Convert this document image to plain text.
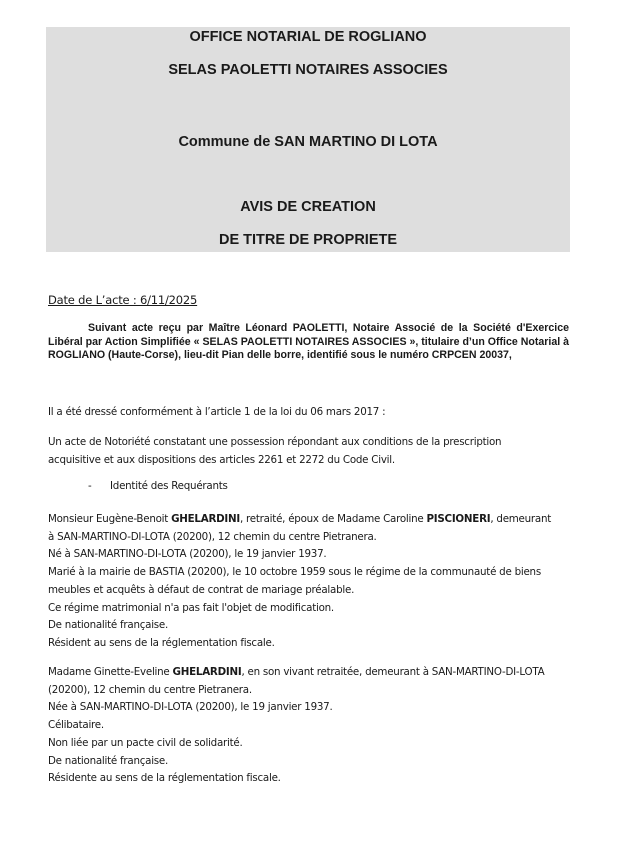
OFFICE NOTARIAL DE ROGLIANO
SELAS PAOLETTI NOTAIRES ASSOCIES
Commune de SAN MARTINO DI LOTA
AVIS DE CREATION
DE TITRE DE PROPRIETE
Date de L’acte : 6/11/2025
Suivant acte reçu par Maître Léonard PAOLETTI, Notaire Associé de la Société d'Exercice Libéral par Action Simplifiée « SELAS PAOLETTI NOTAIRES ASSOCIES », titulaire d’un Office Notarial à ROGLIANO (Haute-Corse), lieu-dit Pian delle borre, identifié sous le numéro CRPCEN 20037,
Il a été dressé conformément à l’article 1 de la loi du 06 mars 2017 :
Un acte de Notoriété constatant une possession répondant aux conditions de la prescription
acquisitive et aux dispositions des articles 2261 et 2272 du Code Civil.
- Identité des Requérants
Monsieur Eugène-Benoit GHELARDINI, retraité, époux de Madame Caroline PISCIONERI, demeurant
à SAN-MARTINO-DI-LOTA (20200), 12 chemin du centre Pietranera.
Né à SAN-MARTINO-DI-LOTA (20200), le 19 janvier 1937.
Marié à la mairie de BASTIA (20200), le 10 octobre 1959 sous le régime de la communauté de biens
meubles et acquêts à défaut de contrat de mariage préalable.
Ce régime matrimonial n'a pas fait l'objet de modification.
De nationalité française.
Résident au sens de la réglementation fiscale.
Madame Ginette-Eveline GHELARDINI, en son vivant retraitée, demeurant à SAN-MARTINO-DI-LOTA
(20200), 12 chemin du centre Pietranera.
Née à SAN-MARTINO-DI-LOTA (20200), le 19 janvier 1937.
Célibataire.
Non liée par un pacte civil de solidarité.
De nationalité française.
Résidente au sens de la réglementation fiscale.
